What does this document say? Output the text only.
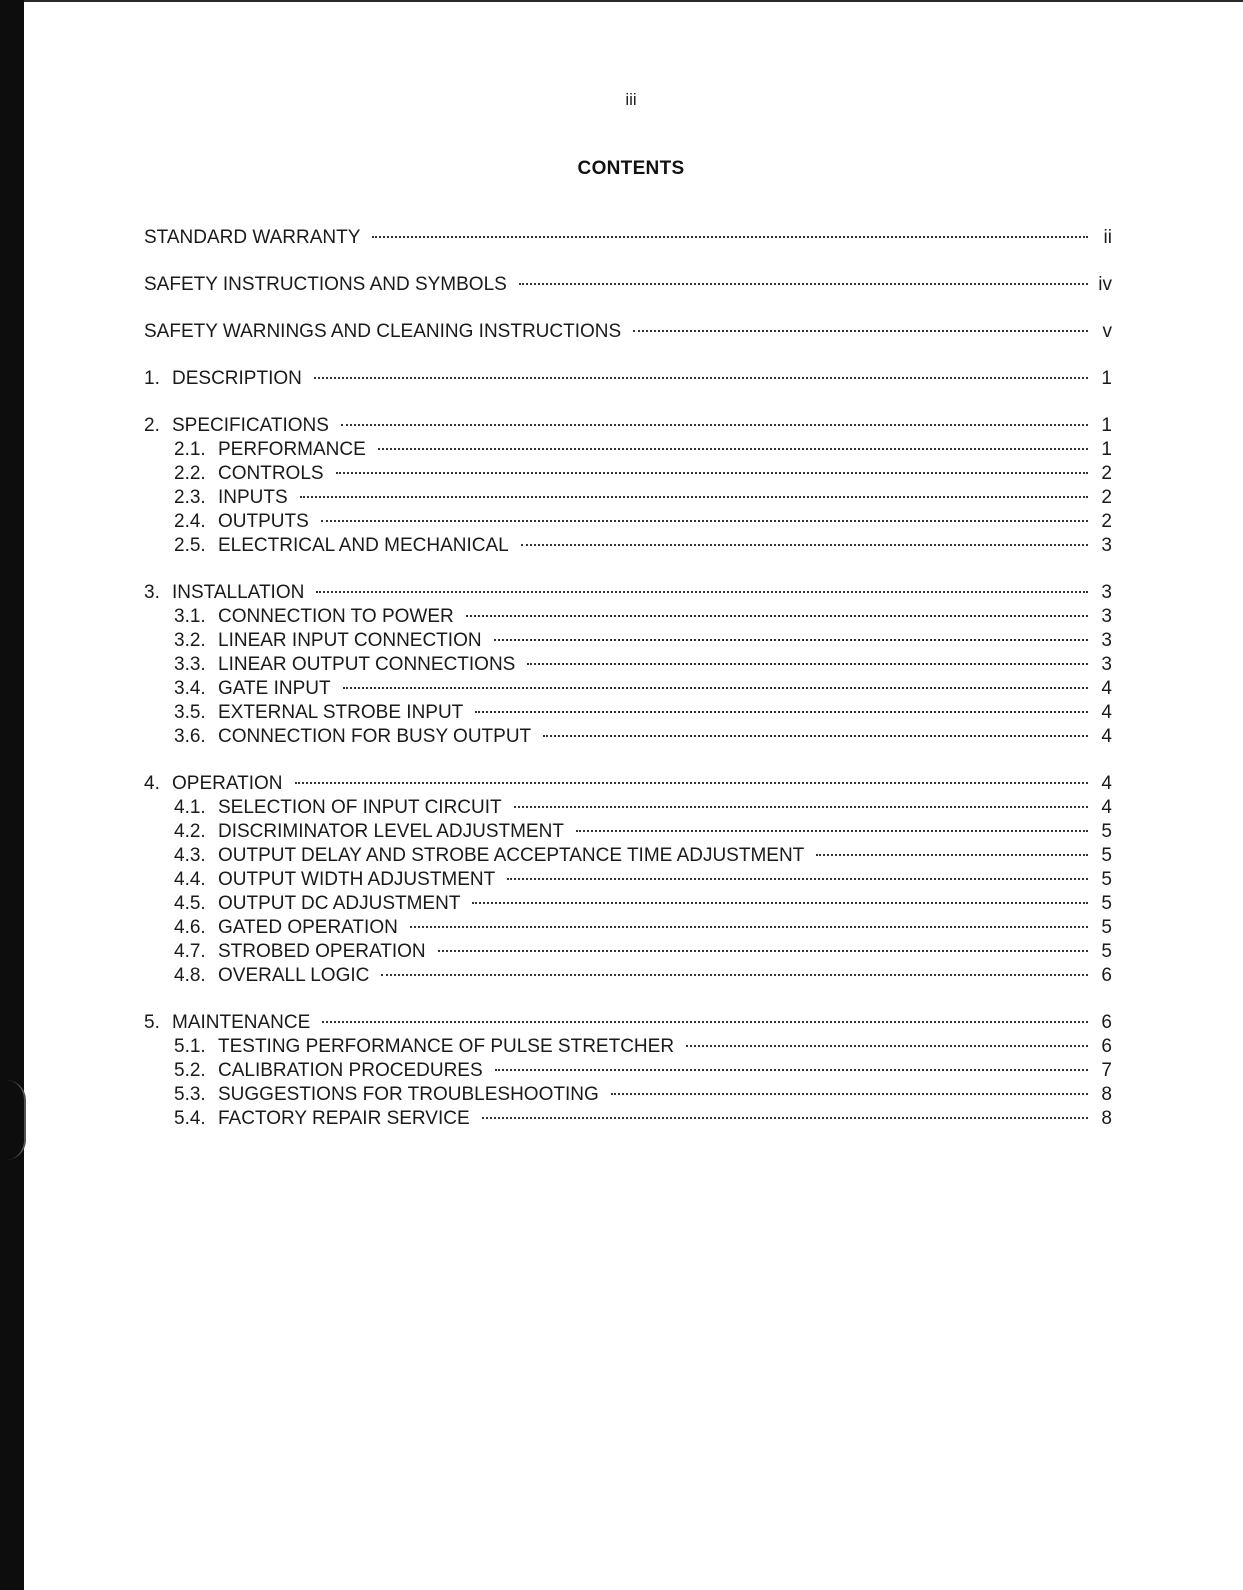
iii
CONTENTS
STANDARD WARRANTY	ii
SAFETY INSTRUCTIONS AND SYMBOLS	iv
SAFETY WARNINGS AND CLEANING INSTRUCTIONS	v
1. DESCRIPTION	1
2. SPECIFICATIONS	1
2.1. PERFORMANCE	1
2.2. CONTROLS	2
2.3. INPUTS	2
2.4. OUTPUTS	2
2.5. ELECTRICAL AND MECHANICAL	3
3. INSTALLATION	3
3.1. CONNECTION TO POWER	3
3.2. LINEAR INPUT CONNECTION	3
3.3. LINEAR OUTPUT CONNECTIONS	3
3.4. GATE INPUT	4
3.5. EXTERNAL STROBE INPUT	4
3.6. CONNECTION FOR BUSY OUTPUT	4
4. OPERATION	4
4.1. SELECTION OF INPUT CIRCUIT	4
4.2. DISCRIMINATOR LEVEL ADJUSTMENT	5
4.3. OUTPUT DELAY AND STROBE ACCEPTANCE TIME ADJUSTMENT	5
4.4. OUTPUT WIDTH ADJUSTMENT	5
4.5. OUTPUT DC ADJUSTMENT	5
4.6. GATED OPERATION	5
4.7. STROBED OPERATION	5
4.8. OVERALL LOGIC	6
5. MAINTENANCE	6
5.1. TESTING PERFORMANCE OF PULSE STRETCHER	6
5.2. CALIBRATION PROCEDURES	7
5.3. SUGGESTIONS FOR TROUBLESHOOTING	8
5.4. FACTORY REPAIR SERVICE	8
